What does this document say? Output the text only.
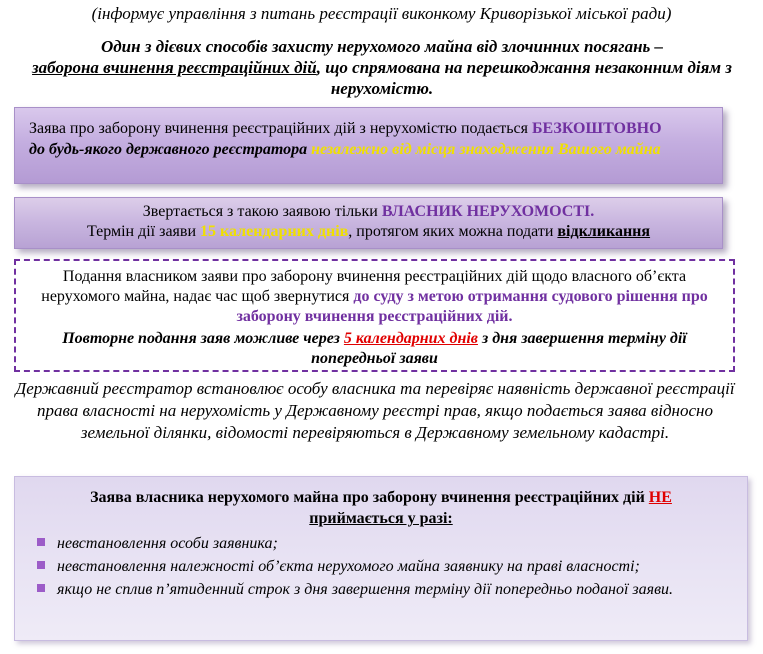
(інформує управління з питань реєстрації виконкому Криворізької міської ради)
Один з дієвих способів захисту нерухомого майна від злочинних посягань –
заборона вчинення реєстраційних дій, що спрямована на перешкоджання незаконним діям з нерухомістю.
Заява про заборону вчинення реєстраційних дій з нерухомістю подається БЕЗКОШТОВНО
до будь-якого державного реєстратора незалежно від місця знаходження Вашого майна
Звертається з такою заявою тільки ВЛАСНИК НЕРУХОМОСТІ.
Термін дії заяви 15 календарних днів, протягом яких можна подати відкликання

Подання власником заяви про заборону вчинення реєстраційних дій щодо власного об’єкта нерухомого майна, надає час щоб звернутися до суду з метою отримання судового рішення про заборону вчинення реєстраційних дій.

Повторне подання заяв можливе через 5 календарних днів з дня завершення терміну дії попередньої заяви

Державний реєстратор встановлює особу власника та перевіряє наявність державної реєстрації права власності на нерухомість у Державному реєстрі прав, якщо подається заява відносно земельної ділянки, відомості перевіряються в Державному земельному кадастрі.

Заява власника нерухомого майна про заборону вчинення реєстраційних дій НЕ
приймається у разі:

невстановлення особи заявника;
невстановлення належності об’єкта нерухомого майна заявнику на праві власності;
якщо не сплив п’ятиденний строк з дня завершення терміну дії попередньо поданої заяви.
